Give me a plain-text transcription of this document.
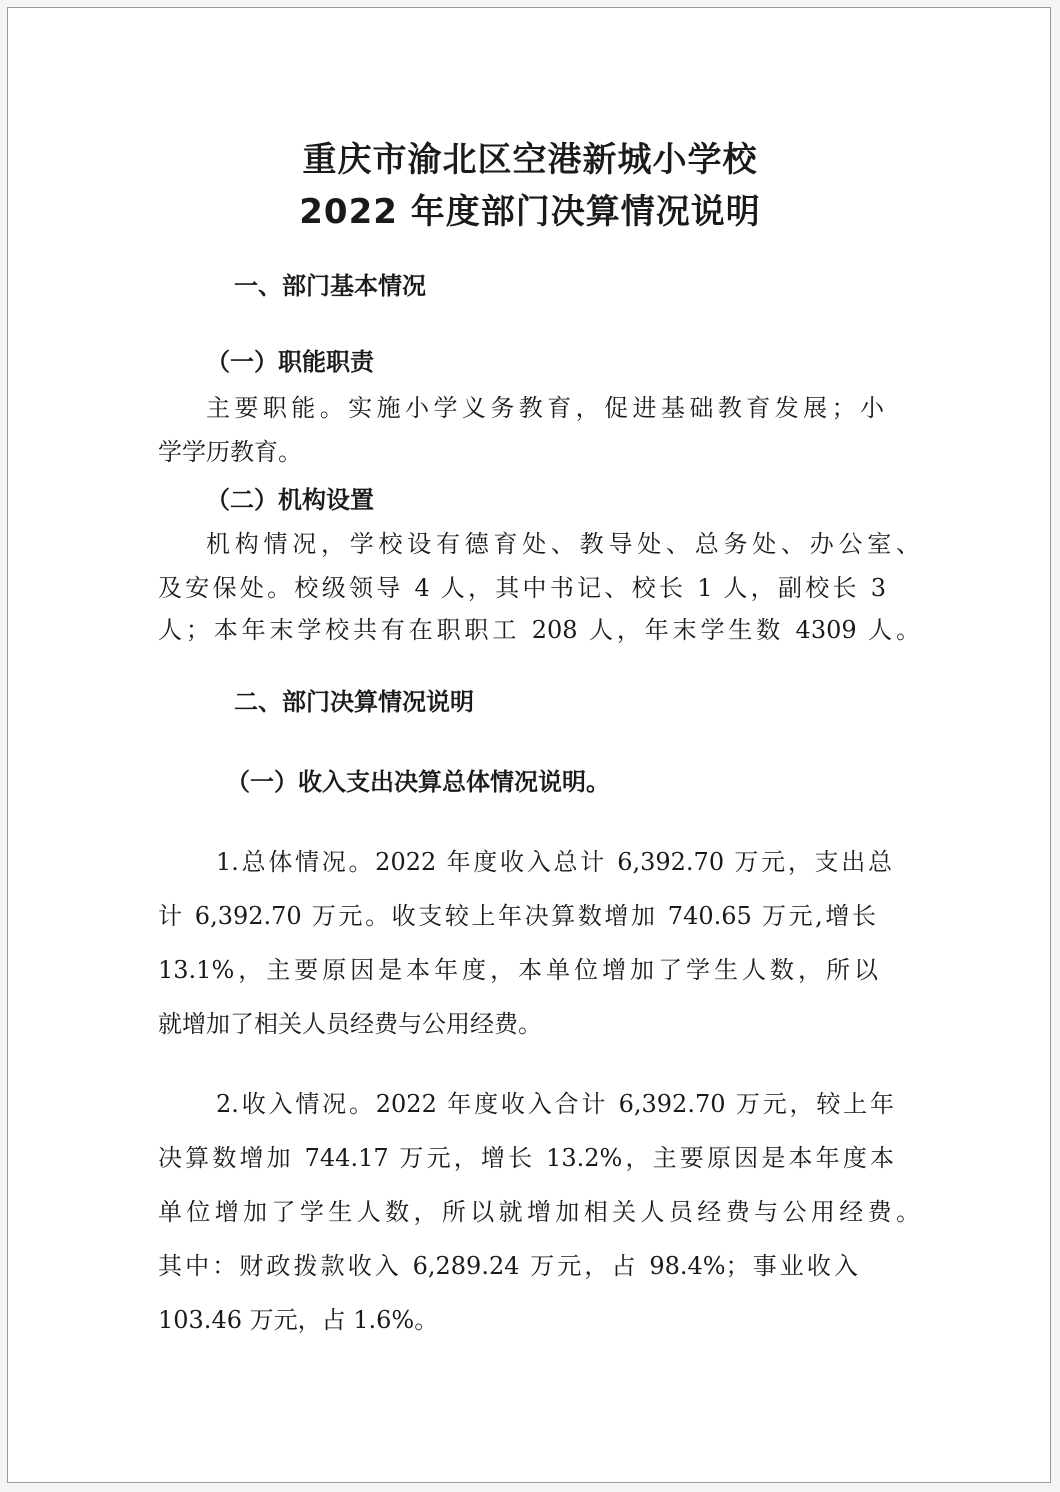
重庆市渝北区空港新城小学校
2022 年度部门决算情况说明
一、部门基本情况
（一）职能职责

主要职能。实施小学义务教育，促进基础教育发展；小

学学历教育。

（二）机构设置

机构情况，学校设有德育处、教导处、总务处、办公室、

及安保处。校级领导 4 人，其中书记、校长 1 人，副校长 3

人；本年末学校共有在职职工 208 人，年末学生数 4309 人。

二、部门决算情况说明
（一）收入支出决算总体情况说明。

1.总体情况。2022 年度收入总计 6,392.70 万元，支出总

计 6,392.70 万元。收支较上年决算数增加 740.65 万元,增长

13.1%，主要原因是本年度，本单位增加了学生人数，所以

就增加了相关人员经费与公用经费。

2.收入情况。2022 年度收入合计 6,392.70 万元，较上年

决算数增加 744.17 万元，增长 13.2%，主要原因是本年度本

单位增加了学生人数，所以就增加相关人员经费与公用经费。

其中：财政拨款收入 6,289.24 万元，占 98.4%；事业收入

103.46 万元，占 1.6%。
